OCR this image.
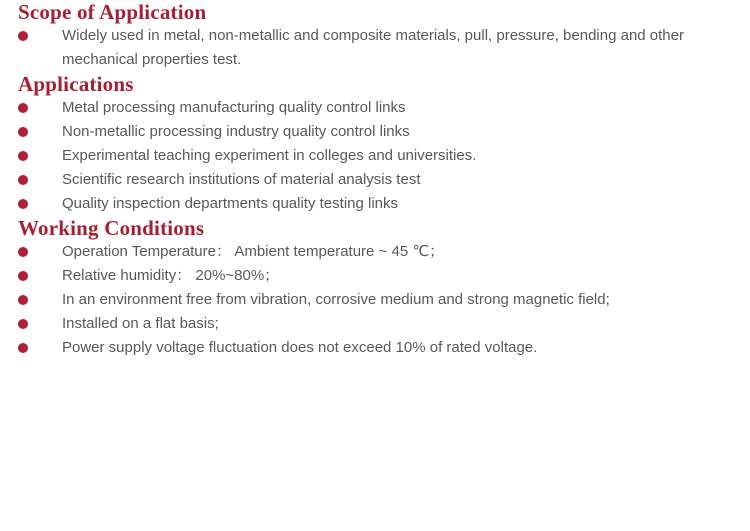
Scope of Application
Widely used in metal, non-metallic and composite materials, pull, pressure, bending and other mechanical properties test.
Applications
Metal processing manufacturing quality control links
Non-metallic processing industry quality control links
Experimental teaching experiment in colleges and universities.
Scientific research institutions of material analysis test
Quality inspection departments quality testing links
Working Conditions
Operation Temperature： Ambient temperature ~ 45 ℃；
Relative humidity： 20%~80%；
In an environment free from vibration, corrosive medium and strong magnetic field;
Installed on a flat basis;
Power supply voltage fluctuation does not exceed 10% of rated voltage.
